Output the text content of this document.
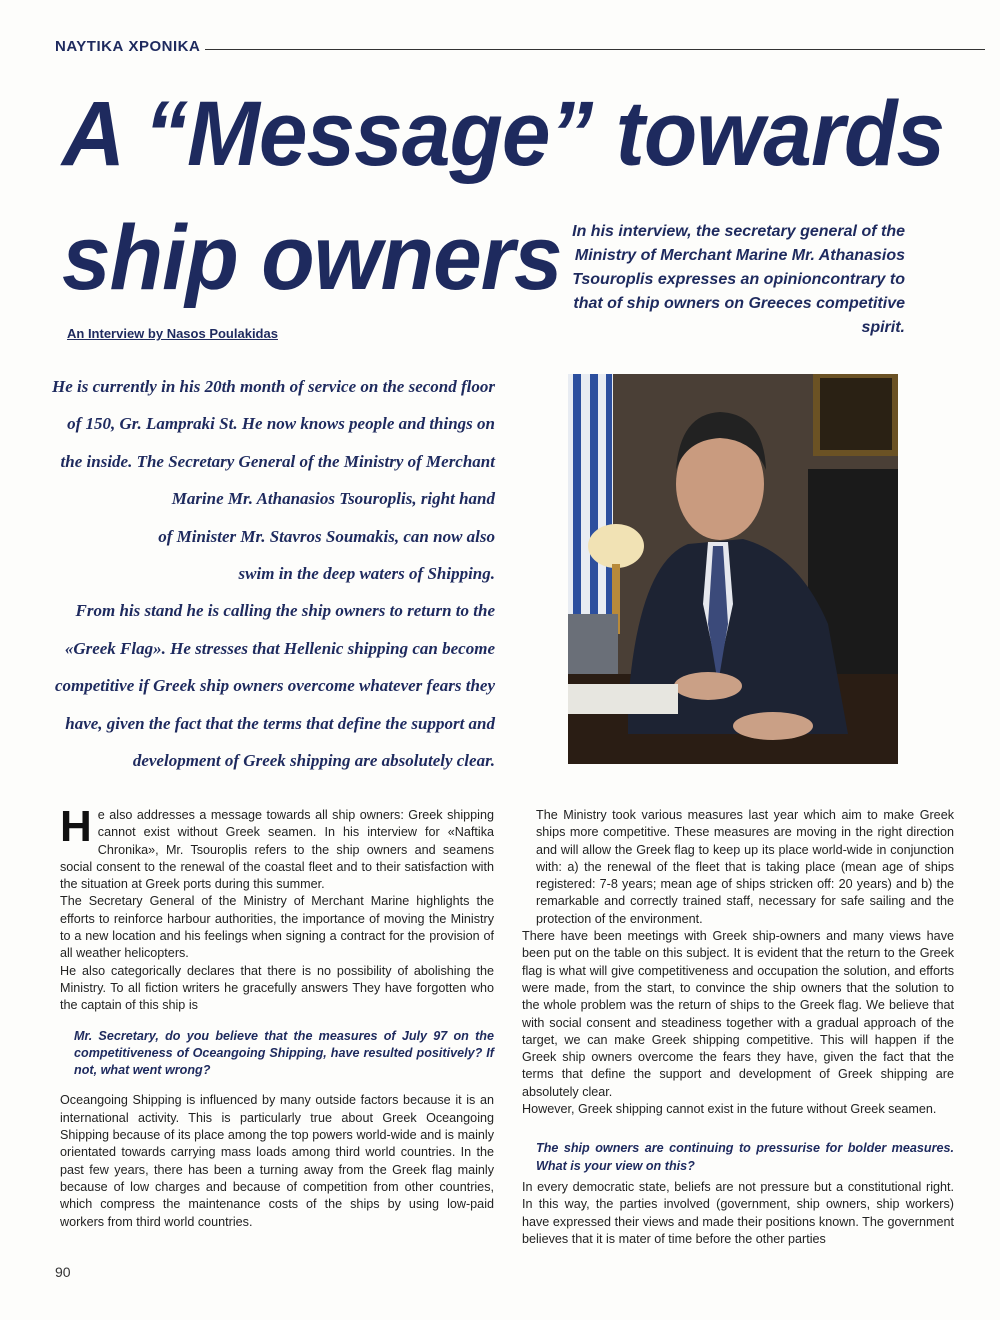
ΝΑΥΤΙΚΑ ΧΡΟΝΙΚΑ
A “Message” towards
ship owners
An Interview by Nasos Poulakidas
In his interview, the secretary general of the Ministry of Merchant Marine Mr. Athanasios Tsouroplis expresses an opinioncontrary to that of ship owners on Greeces competitive spirit.
He is currently in his 20th month of service on the second floor
of 150, Gr. Lampraki St. He now knows people and things on
the inside. The Secretary General of the Ministry of Merchant
Marine Mr. Athanasios Tsouroplis, right hand
of Minister Mr. Stavros Soumakis, can now also
swim in the deep waters of Shipping.
From his stand he is calling the ship owners to return to the
«Greek Flag». He stresses that Hellenic shipping can become
competitive if Greek ship owners overcome whatever fears they
have, given the fact that the terms that define the support and
development of Greek shipping are absolutely clear.

He also addresses a message towards all ship owners: Greek shipping cannot exist without Greek seamen. In his interview for «Naftika Chronika», Mr. Tsouroplis refers to the ship owners and seamens social consent to the renewal of the coastal fleet and to their satisfaction with the situation at Greek ports during this summer.

The Secretary General of the Ministry of Merchant Marine highlights the efforts to reinforce harbour authorities, the importance of moving the Ministry to a new location and his feelings when signing a contract for the provision of all weather helicopters.

He also categorically declares that there is no possibility of abolishing the Ministry. To all fiction writers he gracefully answers They have forgotten who the captain of this ship is

Mr. Secretary, do you believe that the measures of July 97 on the competitiveness of Oceangoing Shipping, have resulted positively? If not, what went wrong?

Oceangoing Shipping is influenced by many outside factors because it is an international activity. This is particularly true about Greek Oceangoing Shipping because of its place among the top powers world-wide and is mainly orientated towards carrying mass loads among third world countries. In the past few years, there has been a turning away from the Greek flag mainly because of low charges and because of competition from other countries, which compress the maintenance costs of the ships by using low-paid workers from third world countries.

The Ministry took various measures last year which aim to make Greek ships more competitive. These measures are moving in the right direction and will allow the Greek flag to keep up its place world-wide in conjunction with: a) the renewal of the fleet that is taking place (mean age of ships registered: 7-8 years; mean age of ships stricken off: 20 years) and b) the remarkable and correctly trained staff, necessary for safe sailing and the protection of the environment.

There have been meetings with Greek ship-owners and many views have been put on the table on this subject. It is evident that the return to the Greek flag is what will give competitiveness and occupation the solution, and efforts were made, from the start, to convince the ship owners that the solution to the whole problem was the return of ships to the Greek flag. We believe that with social consent and steadiness together with a gradual approach of the target, we can make Greek shipping competitive. This will happen if the Greek ship owners overcome the fears they have, given the fact that the terms that define the support and development of Greek shipping are absolutely clear.

However, Greek shipping cannot exist in the future without Greek seamen.

The ship owners are continuing to pressurise for bolder measures. What is your view on this?

In every democratic state, beliefs are not pressure but a constitutional right. In this way, the parties involved (government, ship owners, ship workers) have expressed their views and made their positions known. The government believes that it is mater of time before the other parties

90
